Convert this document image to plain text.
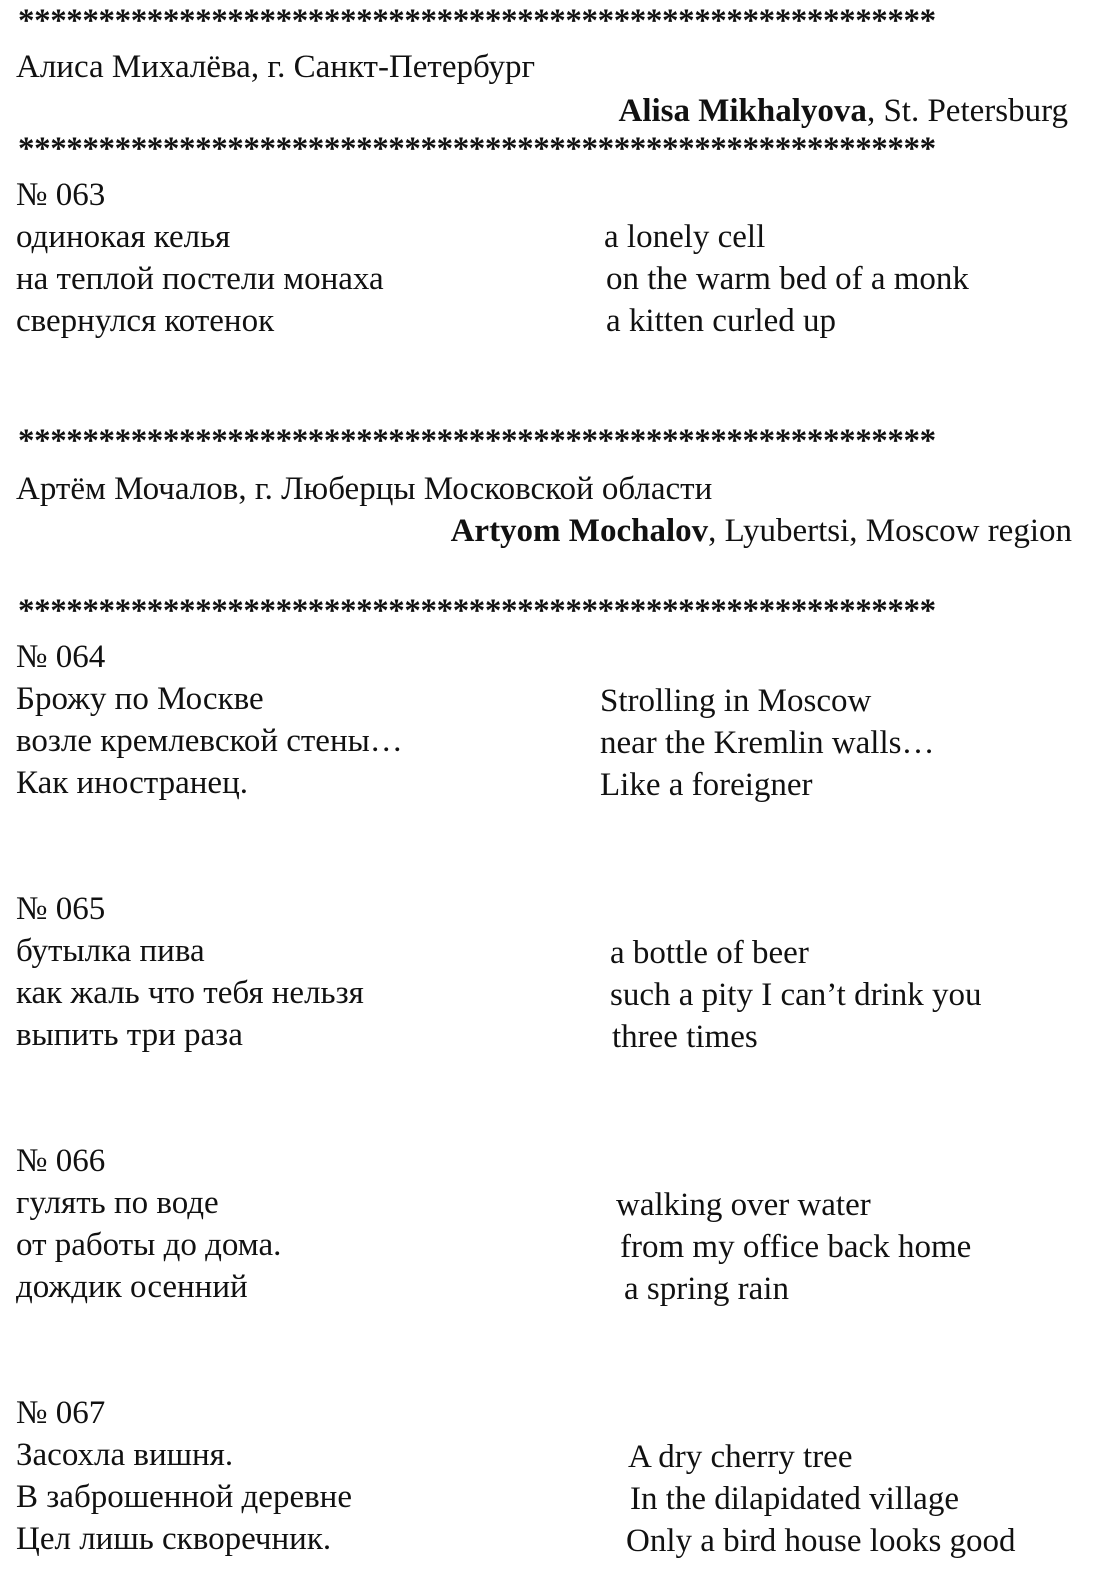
*********************************************************
Алиса Михалёва, г. Санкт-Петербург
Alisa Mikhalyova, St. Petersburg
*********************************************************
№ 063
одинокая келья
на теплой постели монаха
свернулся котенок
a lonely cell
on the warm bed of a monk
a kitten curled up
*********************************************************
Артём Мочалов, г. Люберцы Московской области
Artyom Mochalov, Lyubertsi, Moscow region
*********************************************************
№ 064
Брожу по Москве
возле кремлевской стены…
Как иностранец.
Strolling in Moscow
near the Kremlin walls…
Like a foreigner
№ 065
бутылка пива
как жаль что тебя нельзя
выпить три раза
a bottle of beer
such a pity I can’t drink you
three times
№ 066
гулять по воде
от работы до дома.
дождик осенний
walking over water
from my office back home
a spring rain
№ 067
Засохла вишня.
В заброшенной деревне
Цел лишь скворечник.
A dry cherry tree
In the dilapidated village
Only a bird house looks good
